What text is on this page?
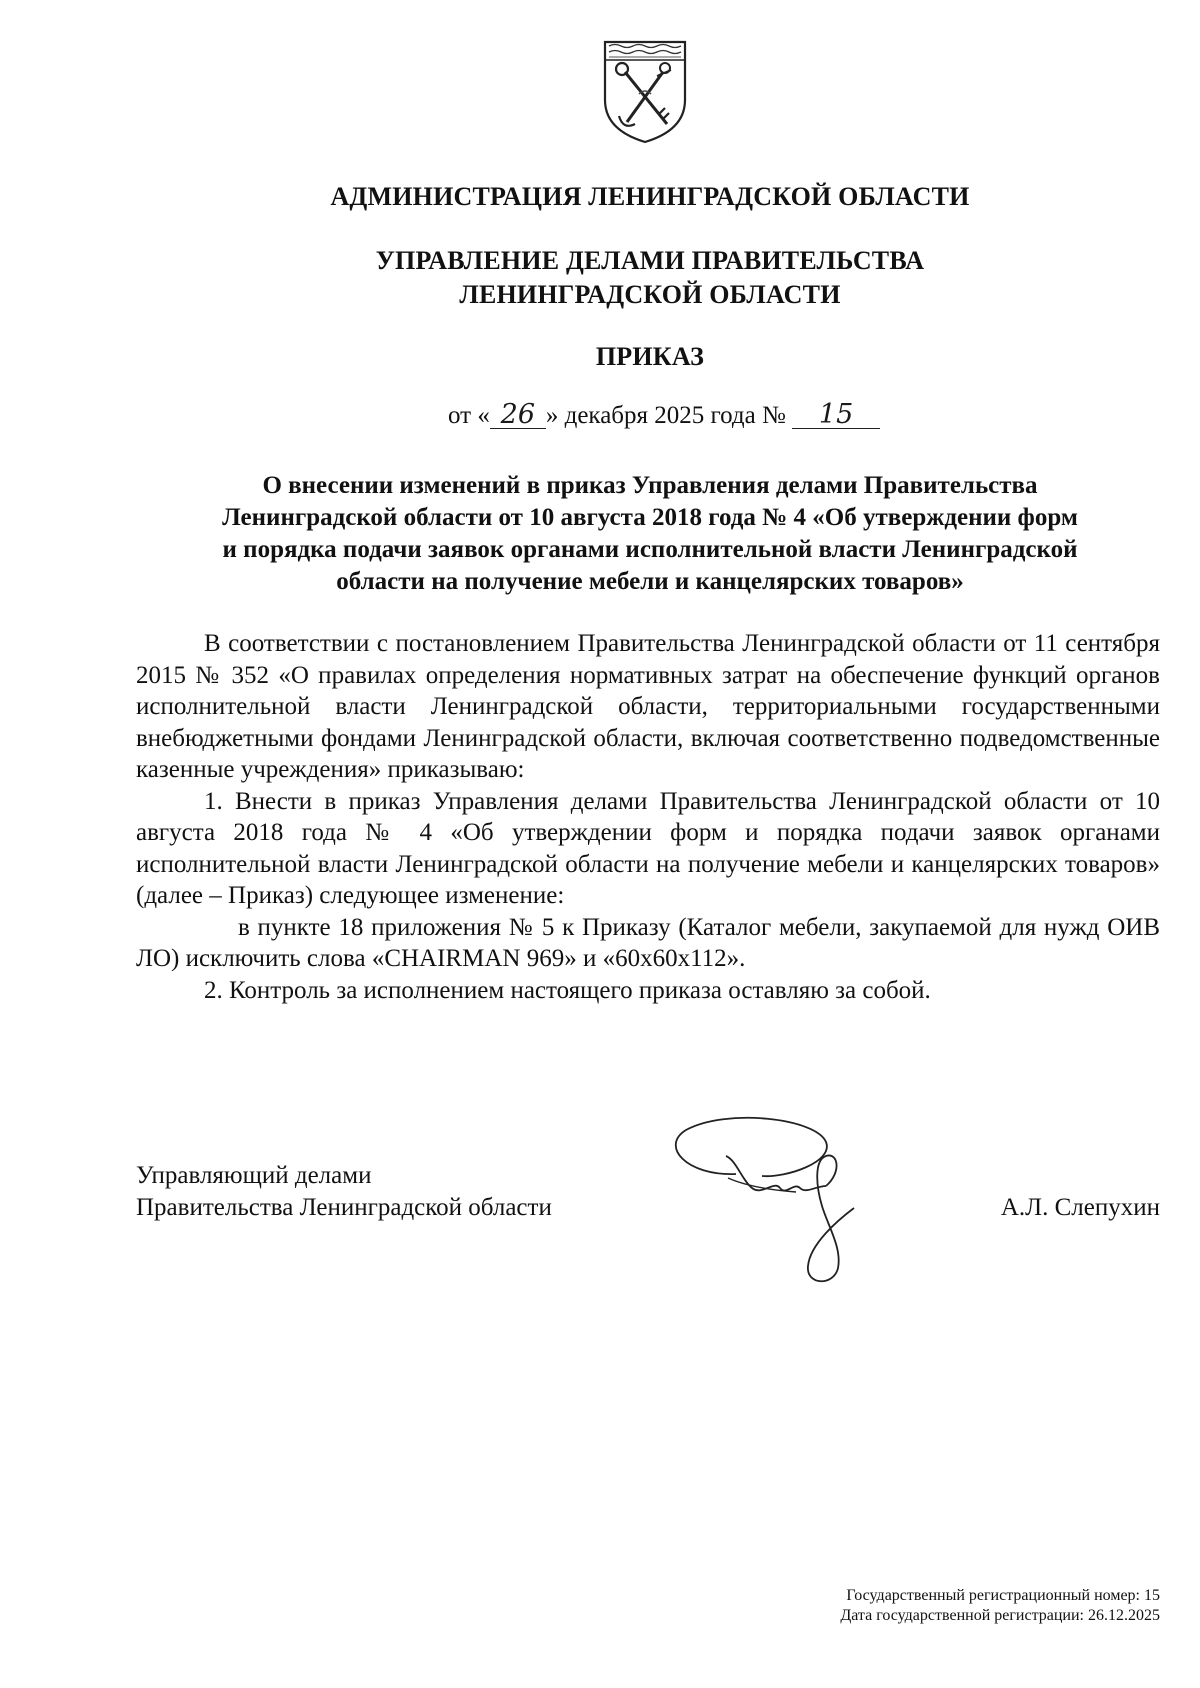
АДМИНИСТРАЦИЯ ЛЕНИНГРАДСКОЙ ОБЛАСТИ

УПРАВЛЕНИЕ ДЕЛАМИ ПРАВИТЕЛЬСТВА

ЛЕНИНГРАДСКОЙ ОБЛАСТИ

ПРИКАЗ

от « 26 » декабря 2025 года № 15
О внесении изменений в приказ Управления делами Правительства
Ленинградской области от 10 августа 2018 года № 4 «Об утверждении форм
и порядка подачи заявок органами исполнительной власти Ленинградской
области на получение мебели и канцелярских товаров»

В соответствии с постановлением Правительства Ленинградской области от 11 сентября 2015 № 352 «О правилах определения нормативных затрат на обеспечение функций органов исполнительной власти Ленинградской области, территориальными государственными внебюджетными фондами Ленинградской области, включая соответственно подведомственные казенные учреждения» приказываю:

1. Внести в приказ Управления делами Правительства Ленинградской области от 10 августа 2018 года № 4 «Об утверждении форм и порядка подачи заявок органами исполнительной власти Ленинградской области на получение мебели и канцелярских товаров» (далее – Приказ) следующее изменение:

в пункте 18 приложения № 5 к Приказу (Каталог мебели, закупаемой для нужд ОИВ ЛО) исключить слова «CHAIRMAN 969» и «60x60x112».

2. Контроль за исполнением настоящего приказа оставляю за собой.

Управляющий делами
Правительства Ленинградской области	А.Л. Слепухин
Государственный регистрационный номер: 15
Дата государственной регистрации: 26.12.2025
